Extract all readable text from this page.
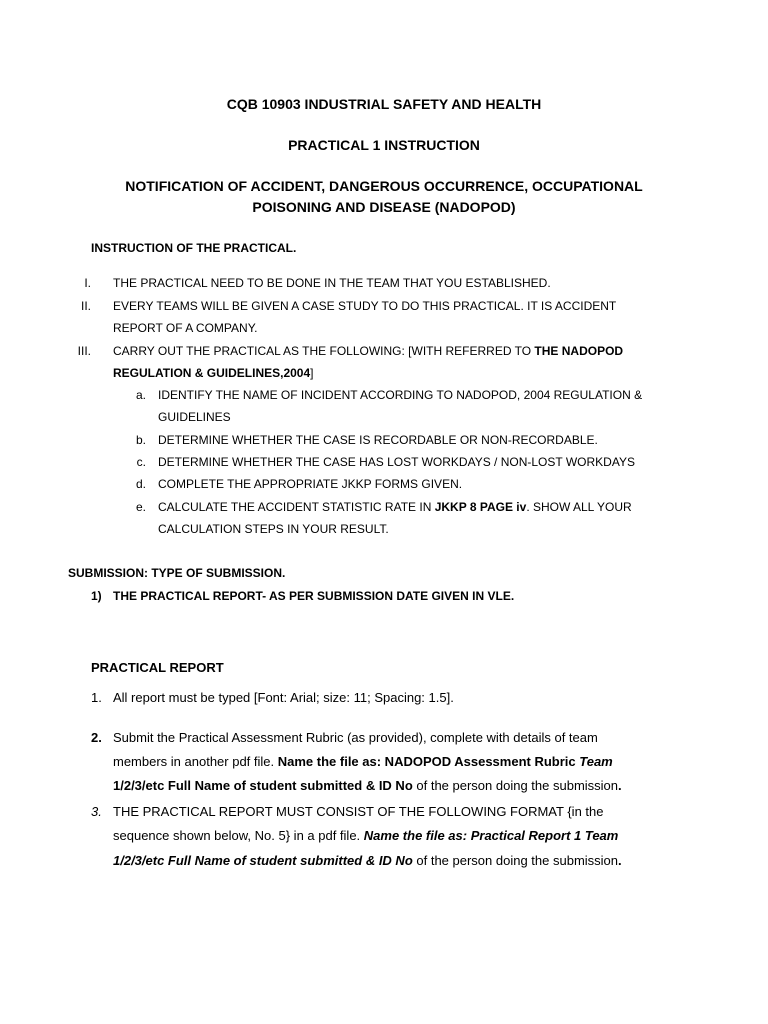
CQB 10903 INDUSTRIAL SAFETY AND HEALTH
PRACTICAL 1 INSTRUCTION
NOTIFICATION OF ACCIDENT, DANGEROUS OCCURRENCE, OCCUPATIONAL
POISONING AND DISEASE (NADOPOD)
INSTRUCTION OF THE PRACTICAL.
I. THE PRACTICAL NEED TO BE DONE IN THE TEAM THAT YOU ESTABLISHED.
II. EVERY TEAMS WILL BE GIVEN A CASE STUDY TO DO THIS PRACTICAL. IT IS ACCIDENT
REPORT OF A COMPANY.
III. CARRY OUT THE PRACTICAL AS THE FOLLOWING: [WITH REFERRED TO THE NADOPOD
REGULATION & GUIDELINES,2004]
a. IDENTIFY THE NAME OF INCIDENT ACCORDING TO NADOPOD, 2004 REGULATION &
GUIDELINES
b. DETERMINE WHETHER THE CASE IS RECORDABLE OR NON-RECORDABLE.
c. DETERMINE WHETHER THE CASE HAS LOST WORKDAYS / NON-LOST WORKDAYS
d. COMPLETE THE APPROPRIATE JKKP FORMS GIVEN.
e. CALCULATE THE ACCIDENT STATISTIC RATE IN JKKP 8 PAGE iv. SHOW ALL YOUR
CALCULATION STEPS IN YOUR RESULT.
SUBMISSION: TYPE OF SUBMISSION.
1) THE PRACTICAL REPORT- AS PER SUBMISSION DATE GIVEN IN VLE.
PRACTICAL REPORT
1. All report must be typed [Font: Arial; size: 11; Spacing: 1.5].
2. Submit the Practical Assessment Rubric (as provided), complete with details of team
members in another pdf file. Name the file as: NADOPOD Assessment Rubric Team
1/2/3/etc Full Name of student submitted & ID No of the person doing the submission.
3. THE PRACTICAL REPORT MUST CONSIST OF THE FOLLOWING FORMAT {in the
sequence shown below, No. 5} in a pdf file. Name the file as: Practical Report 1 Team
1/2/3/etc Full Name of student submitted & ID No of the person doing the submission.
